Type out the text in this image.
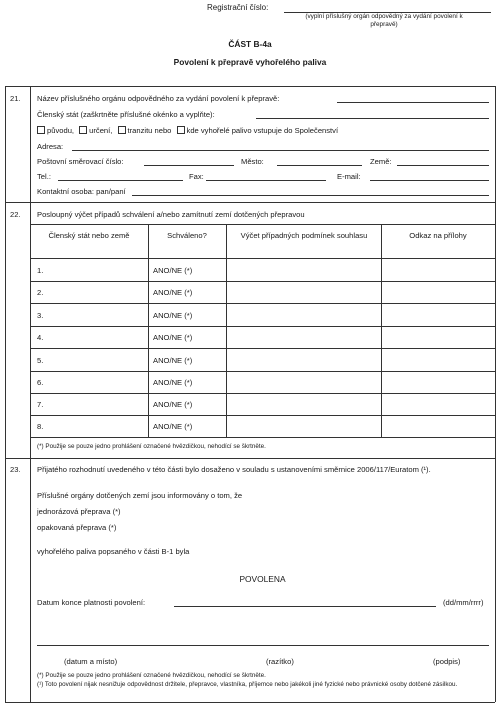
Registrační číslo:
(vyplní příslušný orgán odpovědný za vydání povolení k přepravě)
ČÁST B-4a
Povolení k přepravě vyhořelého paliva
21. Název příslušného orgánu odpovědného za vydání povolení k přepravě:
Členský stát (zaškrtněte příslušné okénko a vyplňte):
původu, určení, tranzitu nebo kde vyhořelé palivo vstupuje do Společenství
Adresa:
Poštovní směrovací číslo:	Město:	Země:
Tel.:	Fax:	E-mail:
Kontaktní osoba: pan/paní
22. Posloupný výčet případů schválení a/nebo zamítnutí zemí dotčených přepravou
Členský stát nebo země	Schváleno?	Výčet případných podmínek souhlasu	Odkaz na přílohy
1.	ANO/NE (*)
2.	ANO/NE (*)
3.	ANO/NE (*)
4.	ANO/NE (*)
5.	ANO/NE (*)
6.	ANO/NE (*)
7.	ANO/NE (*)
8.	ANO/NE (*)
(*) Použije se pouze jedno prohlášení označené hvězdičkou, nehodící se škrtněte.
23. Přijatého rozhodnutí uvedeného v této části bylo dosaženo v souladu s ustanoveními směrnice 2006/117/Euratom (¹).
Příslušné orgány dotčených zemí jsou informovány o tom, že
jednorázová přeprava (*)
opakovaná přeprava (*)
vyhořelého paliva popsaného v části B-1 byla
POVOLENA
Datum konce platnosti povolení:	(dd/mm/rrrr)
(datum a místo)	(razítko)	(podpis)
(*) Použije se pouze jedno prohlášení označené hvězdičkou, nehodící se škrtněte.
(¹) Toto povolení nijak nesnižuje odpovědnost držitele, přepravce, vlastníka, příjemce nebo jakékoli jiné fyzické nebo právnické osoby dotčené zásilkou.
